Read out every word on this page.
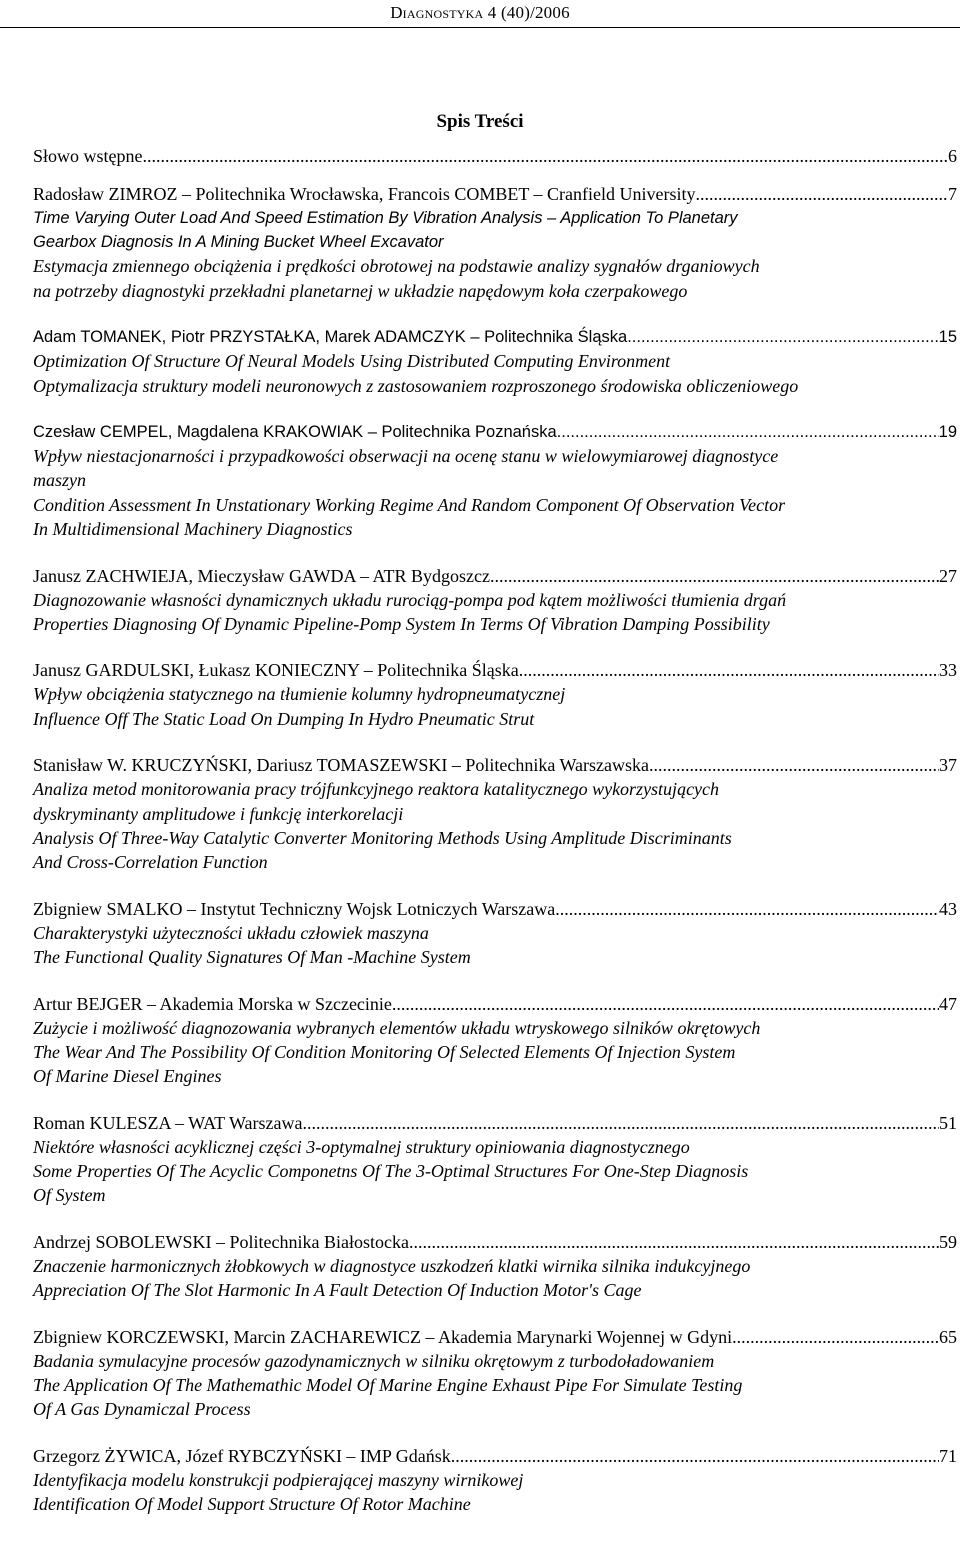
Diagnostyka 4 (40)/2006
Spis Treści
Słowo wstępne .....	6
Radosław ZIMROZ – Politechnika Wrocławska, Francois COMBET – Cranfield University .....	7
Time Varying Outer Load And Speed Estimation By Vibration Analysis – Application To Planetary
Gearbox Diagnosis In A Mining Bucket Wheel Excavator
Estymacja zmiennego obciążenia i prędkości obrotowej na podstawie analizy sygnałów drganiowych
na potrzeby diagnostyki przekładni planetarnej w układzie napędowym koła czerpakowego
Adam TOMANEK, Piotr PRZYSTAŁKA, Marek ADAMCZYK – Politechnika Śląska .....	15
Optimization Of Structure Of Neural Models Using Distributed Computing Environment
Optymalizacja struktury modeli neuronowych z zastosowaniem rozproszonego środowiska obliczeniowego
Czesław CEMPEL, Magdalena KRAKOWIAK – Politechnika Poznańska .....	19
Wpływ niestacjonarności i przypadkowości obserwacji na ocenę stanu w wielowymiarowej diagnostyce
maszyn
Condition Assessment In Unstationary Working Regime And Random Component Of Observation Vector
In Multidimensional Machinery Diagnostics
Janusz ZACHWIEJA, Mieczysław GAWDA – ATR Bydgoszcz .....	27
Diagnozowanie własności dynamicznych układu rurociąg-pompa pod kątem możliwości tłumienia drgań
Properties Diagnosing Of Dynamic Pipeline-Pomp System In Terms Of Vibration Damping Possibility
Janusz GARDULSKI, Łukasz KONIECZNY – Politechnika Śląska .....	33
Wpływ obciążenia statycznego na tłumienie kolumny hydropneumatycznej
Influence Off The Static Load On Dumping In Hydro Pneumatic Strut
Stanisław W. KRUCZYŃSKI, Dariusz TOMASZEWSKI – Politechnika Warszawska .....	37
Analiza metod monitorowania pracy trójfunkcyjnego reaktora katalitycznego wykorzystujących
dyskryminanty amplitudowe i funkcję interkorelacji
Analysis Of Three-Way Catalytic Converter Monitoring Methods Using Amplitude Discriminants
And Cross-Correlation Function
Zbigniew SMALKO – Instytut Techniczny Wojsk Lotniczych Warszawa .....	43
Charakterystyki użyteczności układu człowiek maszyna
The Functional Quality Signatures Of Man -Machine System
Artur BEJGER – Akademia Morska w Szczecinie .....	47
Zużycie i możliwość diagnozowania wybranych elementów układu wtryskowego silników okrętowych
The Wear And The Possibility Of Condition Monitoring Of Selected Elements Of Injection System
Of Marine Diesel Engines
Roman KULESZA – WAT Warszawa .....	51
Niektóre własności acyklicznej części 3-optymalnej struktury opiniowania diagnostycznego
Some Properties Of The Acyclic Componetns Of The 3-Optimal Structures For One-Step Diagnosis
Of System
Andrzej SOBOLEWSKI – Politechnika Białostocka .....	59
Znaczenie harmonicznych żłobkowych w diagnostyce uszkodzeń klatki wirnika silnika indukcyjnego
Appreciation Of The Slot Harmonic In A Fault Detection Of Induction Motor's Cage
Zbigniew KORCZEWSKI, Marcin ZACHAREWICZ – Akademia Marynarki Wojennej w Gdyni .....	65
Badania symulacyjne procesów gazodynamicznych w silniku okrętowym z turbodoładowaniem
The Application Of The Mathemathic Model Of Marine Engine Exhaust Pipe For Simulate Testing
Of A Gas Dynamiczal Process
Grzegorz ŻYWICA, Józef RYBCZYŃSKI – IMP Gdańsk .....	71
Identyfikacja modelu konstrukcji podpierającej maszyny wirnikowej
Identification Of Model Support Structure Of Rotor Machine
